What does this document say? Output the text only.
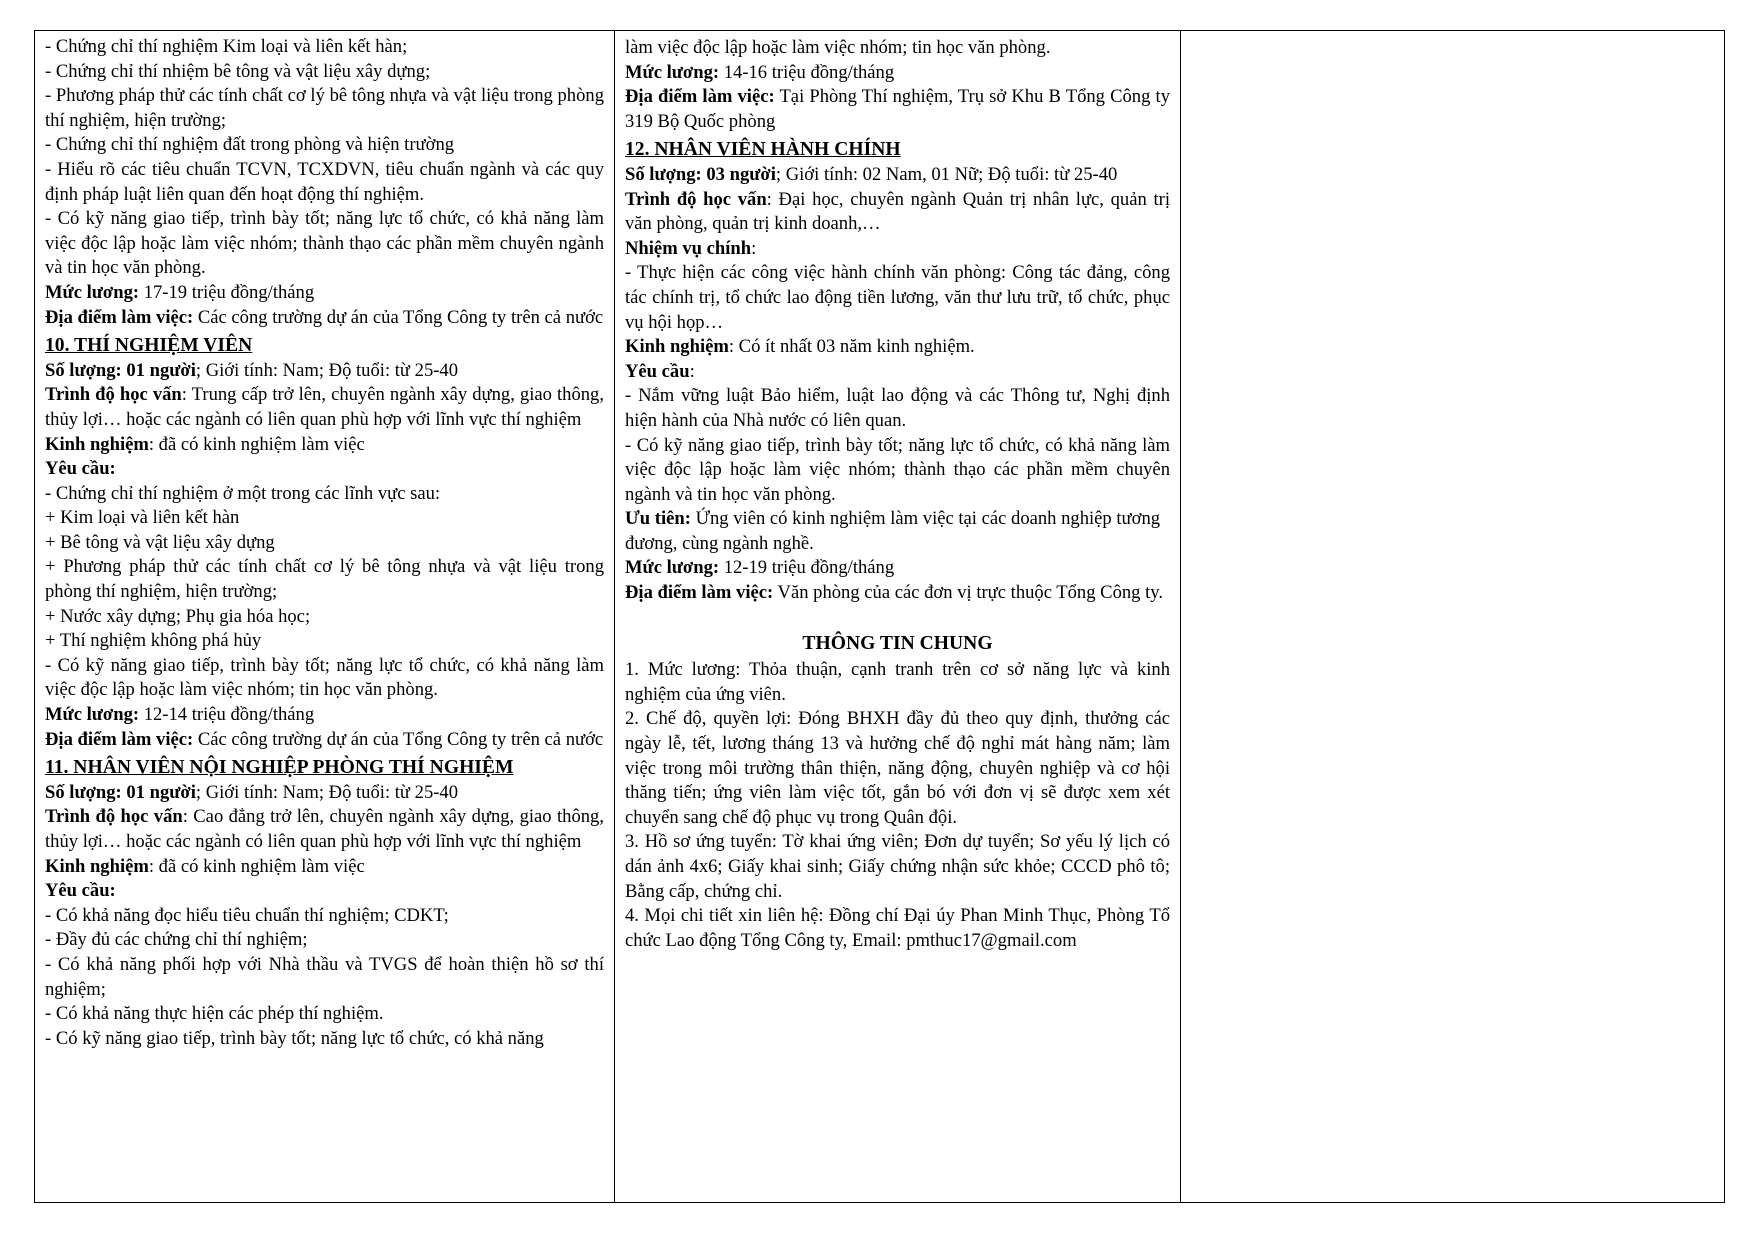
- Chứng chỉ thí nghiệm Kim loại và liên kết hàn;

- Chứng chỉ thí nhiệm bê tông và vật liệu xây dựng;

- Phương pháp thử các tính chất cơ lý bê tông nhựa và vật liệu trong phòng thí nghiệm, hiện trường;

- Chứng chỉ thí nghiệm đất trong phòng và hiện trường

- Hiểu rõ các tiêu chuẩn TCVN, TCXDVN, tiêu chuẩn ngành và các quy định pháp luật liên quan đến hoạt động thí nghiệm.

- Có kỹ năng giao tiếp, trình bày tốt; năng lực tổ chức, có khả năng làm việc độc lập hoặc làm việc nhóm; thành thạo các phần mềm chuyên ngành và tin học văn phòng.

Mức lương: 17-19 triệu đồng/tháng

Địa điểm làm việc: Các công trường dự án của Tổng Công ty trên cả nước

10. THÍ NGHIỆM VIÊN

Số lượng: 01 người; Giới tính: Nam; Độ tuổi: từ 25-40

Trình độ học vấn: Trung cấp trở lên, chuyên ngành xây dựng, giao thông, thủy lợi… hoặc các ngành có liên quan phù hợp với lĩnh vực thí nghiệm

Kinh nghiệm: đã có kinh nghiệm làm việc

Yêu cầu:

- Chứng chỉ thí nghiệm ở một trong các lĩnh vực sau:

+ Kim loại và liên kết hàn

+ Bê tông và vật liệu xây dựng

+ Phương pháp thử các tính chất cơ lý bê tông nhựa và vật liệu trong phòng thí nghiệm, hiện trường;

+ Nước xây dựng; Phụ gia hóa học;

+ Thí nghiệm không phá hủy

- Có kỹ năng giao tiếp, trình bày tốt; năng lực tổ chức, có khả năng làm việc độc lập hoặc làm việc nhóm; tin học văn phòng.

Mức lương: 12-14 triệu đồng/tháng

Địa điểm làm việc: Các công trường dự án của Tổng Công ty trên cả nước

11. NHÂN VIÊN NỘI NGHIỆP PHÒNG THÍ NGHIỆM

Số lượng: 01 người; Giới tính: Nam; Độ tuổi: từ 25-40

Trình độ học vấn: Cao đẳng trở lên, chuyên ngành xây dựng, giao thông, thủy lợi… hoặc các ngành có liên quan phù hợp với lĩnh vực thí nghiệm

Kinh nghiệm: đã có kinh nghiệm làm việc

Yêu cầu:

- Có khả năng đọc hiểu tiêu chuẩn thí nghiệm; CDKT;

- Đầy đủ các chứng chỉ thí nghiệm;

- Có khả năng phối hợp với Nhà thầu và TVGS để hoàn thiện hồ sơ thí nghiệm;

- Có khả năng thực hiện các phép thí nghiệm.

- Có kỹ năng giao tiếp, trình bày tốt; năng lực tổ chức, có khả năng

làm việc độc lập hoặc làm việc nhóm; tin học văn phòng.

Mức lương: 14-16 triệu đồng/tháng

Địa điểm làm việc: Tại Phòng Thí nghiệm, Trụ sở Khu B Tổng Công ty 319 Bộ Quốc phòng

12. NHÂN VIÊN HÀNH CHÍNH

Số lượng: 03 người; Giới tính: 02 Nam, 01 Nữ; Độ tuổi: từ 25-40

Trình độ học vấn: Đại học, chuyên ngành Quản trị nhân lực, quản trị văn phòng, quản trị kinh doanh,…

Nhiệm vụ chính:

- Thực hiện các công việc hành chính văn phòng: Công tác đảng, công tác chính trị, tổ chức lao động tiền lương, văn thư lưu trữ, tổ chức, phục vụ hội họp…

Kinh nghiệm: Có ít nhất 03 năm kinh nghiệm.

Yêu cầu:

- Nắm vững luật Bảo hiểm, luật lao động và các Thông tư, Nghị định hiện hành của Nhà nước có liên quan.

- Có kỹ năng giao tiếp, trình bày tốt; năng lực tổ chức, có khả năng làm việc độc lập hoặc làm việc nhóm; thành thạo các phần mềm chuyên ngành và tin học văn phòng.

Ưu tiên: Ứng viên có kinh nghiệm làm việc tại các doanh nghiệp tương đương, cùng ngành nghề.

Mức lương: 12-19 triệu đồng/tháng

Địa điểm làm việc: Văn phòng của các đơn vị trực thuộc Tổng Công ty.

THÔNG TIN CHUNG

1. Mức lương: Thỏa thuận, cạnh tranh trên cơ sở năng lực và kinh nghiệm của ứng viên.

2. Chế độ, quyền lợi: Đóng BHXH đầy đủ theo quy định, thưởng các ngày lễ, tết, lương tháng 13 và hưởng chế độ nghỉ mát hàng năm; làm việc trong môi trường thân thiện, năng động, chuyên nghiệp và cơ hội thăng tiến; ứng viên làm việc tốt, gắn bó với đơn vị sẽ được xem xét chuyển sang chế độ phục vụ trong Quân đội.

3. Hồ sơ ứng tuyển: Tờ khai ứng viên; Đơn dự tuyển; Sơ yếu lý lịch có dán ảnh 4x6; Giấy khai sinh; Giấy chứng nhận sức khỏe; CCCD phô tô; Bằng cấp, chứng chỉ.

4. Mọi chi tiết xin liên hệ: Đồng chí Đại úy Phan Minh Thục, Phòng Tổ chức Lao động Tổng Công ty, Email: pmthuc17@gmail.com
